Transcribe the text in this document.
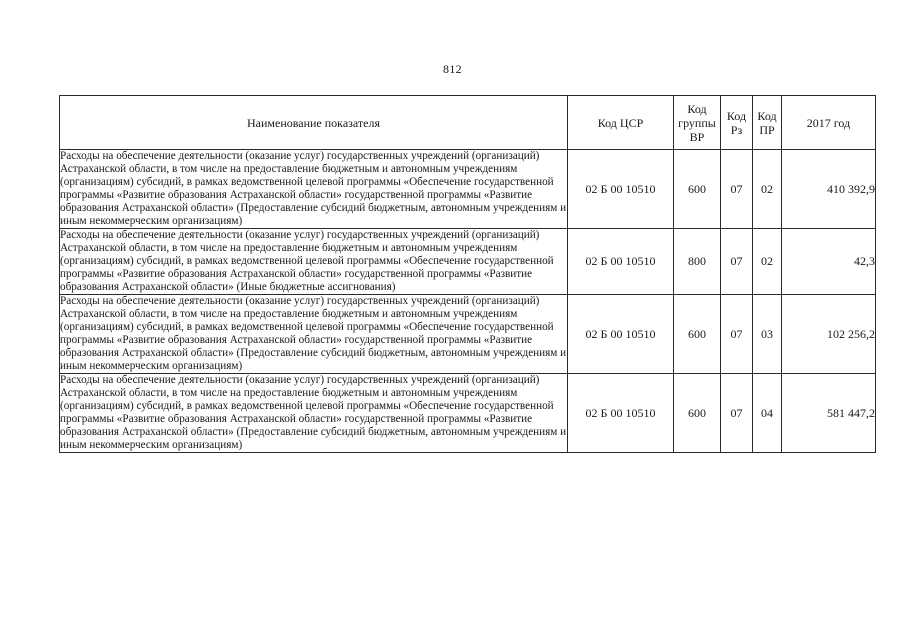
812
Наименование показателя	Код ЦСР	Код группы ВР	Код Рз	Код ПР	2017 год
Расходы на обеспечение деятельности (оказание услуг) государственных учреждений (организаций) Астраханской области, в том числе на предоставление бюджетным и автономным учреждениям (организациям) субсидий, в рамках ведомственной целевой программы «Обеспечение государственной программы «Развитие образования Астраханской области» государственной программы «Развитие образования Астраханской области» (Предоставление субсидий бюджетным, автономным учреждениям и иным некоммерческим организациям)	02 Б 00 10510	600	07	02	410 392,9
Расходы на обеспечение деятельности (оказание услуг) государственных учреждений (организаций) Астраханской области, в том числе на предоставление бюджетным и автономным учреждениям (организациям) субсидий, в рамках ведомственной целевой программы «Обеспечение государственной программы «Развитие образования Астраханской области» государственной программы «Развитие образования Астраханской области» (Иные бюджетные ассигнования)	02 Б 00 10510	800	07	02	42,3
Расходы на обеспечение деятельности (оказание услуг) государственных учреждений (организаций) Астраханской области, в том числе на предоставление бюджетным и автономным учреждениям (организациям) субсидий, в рамках ведомственной целевой программы «Обеспечение государственной программы «Развитие образования Астраханской области» государственной программы «Развитие образования Астраханской области» (Предоставление субсидий бюджетным, автономным учреждениям и иным некоммерческим организациям)	02 Б 00 10510	600	07	03	102 256,2
Расходы на обеспечение деятельности (оказание услуг) государственных учреждений (организаций) Астраханской области, в том числе на предоставление бюджетным и автономным учреждениям (организациям) субсидий, в рамках ведомственной целевой программы «Обеспечение государственной программы «Развитие образования Астраханской области» государственной программы «Развитие образования Астраханской области» (Предоставление субсидий бюджетным, автономным учреждениям и иным некоммерческим организациям)	02 Б 00 10510	600	07	04	581 447,2
